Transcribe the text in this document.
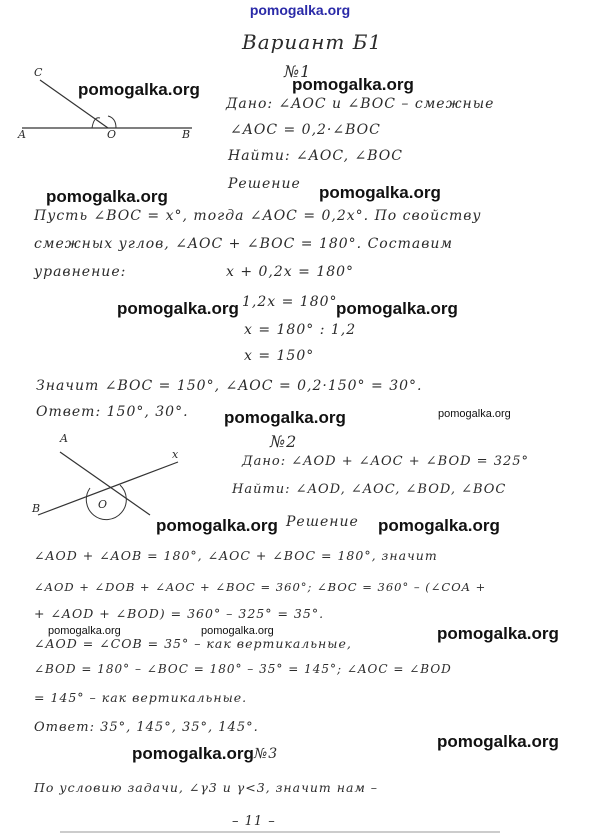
pomogalka.org
C
A	O	B
A
x
O
B
Вариант Б1
№1
Дано: ∠AOC и ∠BOC – смежные
∠AOC = 0,2·∠BOC
Найти: ∠AOC, ∠BOC
Решение
Пусть ∠BOC = x°, тогда ∠AOC = 0,2x°. По свойству
смежных углов, ∠AOC + ∠BOC = 180°. Составим
уравнение:	x + 0,2x = 180°
1,2x = 180°
x = 180° : 1,2
x = 150°
Значит ∠BOC = 150°, ∠AOC = 0,2·150° = 30°.
Ответ: 150°, 30°.
№2
Дано: ∠AOD + ∠AOC + ∠BOD = 325°
Найти: ∠AOD, ∠AOC, ∠BOD, ∠BOC
Решение
∠AOD + ∠AOB = 180°, ∠AOC + ∠BOC = 180°, значит
∠AOD + ∠DOB + ∠AOC + ∠BOC = 360°; ∠BOC = 360° – (∠COA +
+ ∠AOD + ∠BOD) = 360° – 325° = 35°.
∠AOD = ∠COB = 35° – как вертикальные,
∠BOD = 180° – ∠BOC = 180° – 35° = 145°; ∠AOC = ∠BOD
= 145° – как вертикальные.
Ответ: 35°, 145°, 35°, 145°.
№3
По условию задачи, ∠γ3 и γ<3, значит нам –
– 11 –
pomogalka.org	pomogalka.org
pomogalka.org	pomogalka.org
pomogalka.org	pomogalka.org
pomogalka.org	pomogalka.org
pomogalka.org	pomogalka.org
pomogalka.org	pomogalka.org	pomogalka.org
pomogalka.org
pomogalka.org
